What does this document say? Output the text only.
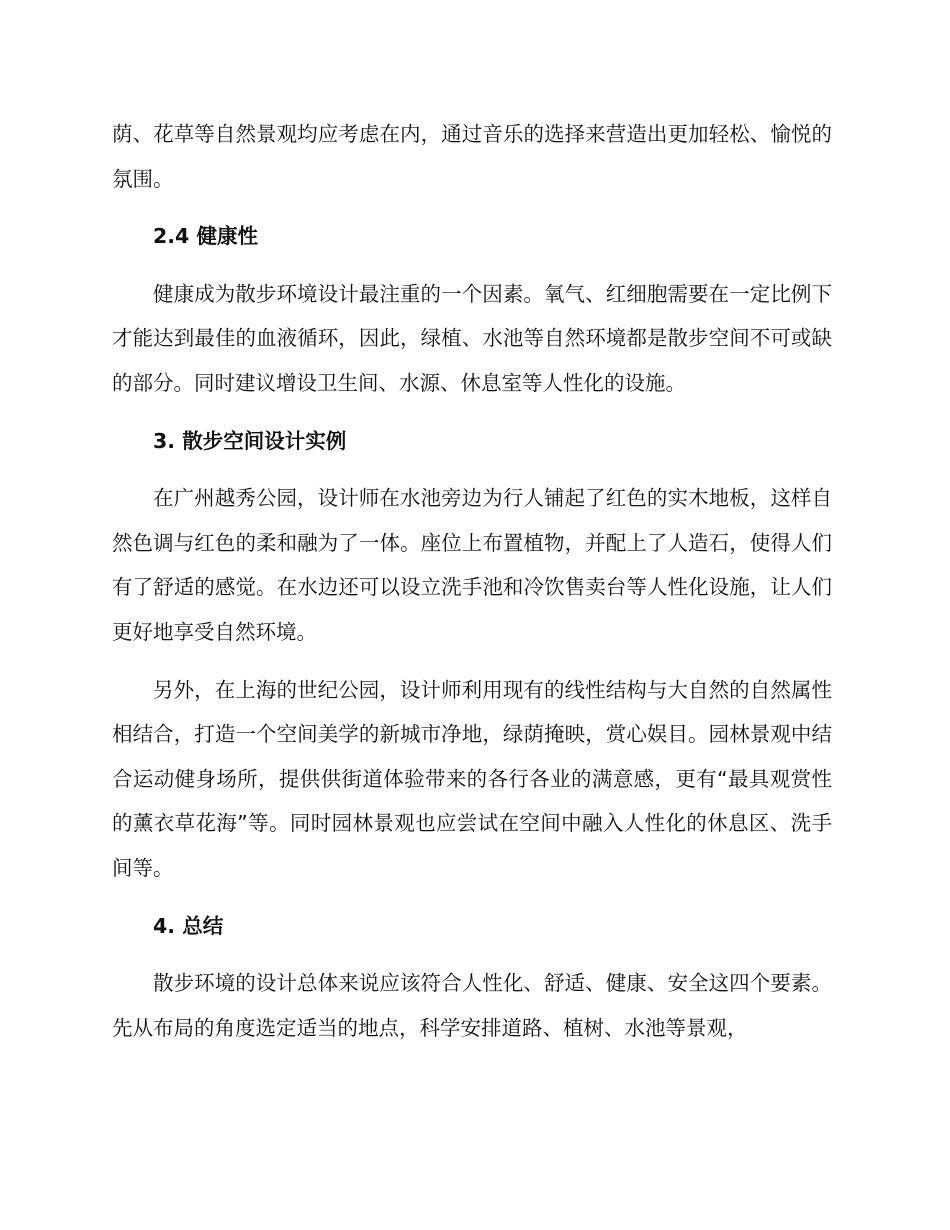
荫、花草等自然景观均应考虑在内，通过音乐的选择来营造出更加轻松、愉悦的氛围。

2.4 健康性

健康成为散步环境设计最注重的一个因素。氧气、红细胞需要在一定比例下才能达到最佳的血液循环，因此，绿植、水池等自然环境都是散步空间不可或缺的部分。同时建议增设卫生间、水源、休息室等人性化的设施。

3. 散步空间设计实例

在广州越秀公园，设计师在水池旁边为行人铺起了红色的实木地板，这样自然色调与红色的柔和融为了一体。座位上布置植物，并配上了人造石，使得人们有了舒适的感觉。在水边还可以设立洗手池和冷饮售卖台等人性化设施，让人们更好地享受自然环境。

另外，在上海的世纪公园，设计师利用现有的线性结构与大自然的自然属性相结合，打造一个空间美学的新城市净地，绿荫掩映，赏心娱目。园林景观中结合运动健身场所，提供供街道体验带来的各行各业的满意感，更有“最具观赏性的薰衣草花海”等。同时园林景观也应尝试在空间中融入人性化的休息区、洗手间等。

4. 总结

散步环境的设计总体来说应该符合人性化、舒适、健康、安全这四个要素。先从布局的角度选定适当的地点，科学安排道路、植树、水池等景观，
